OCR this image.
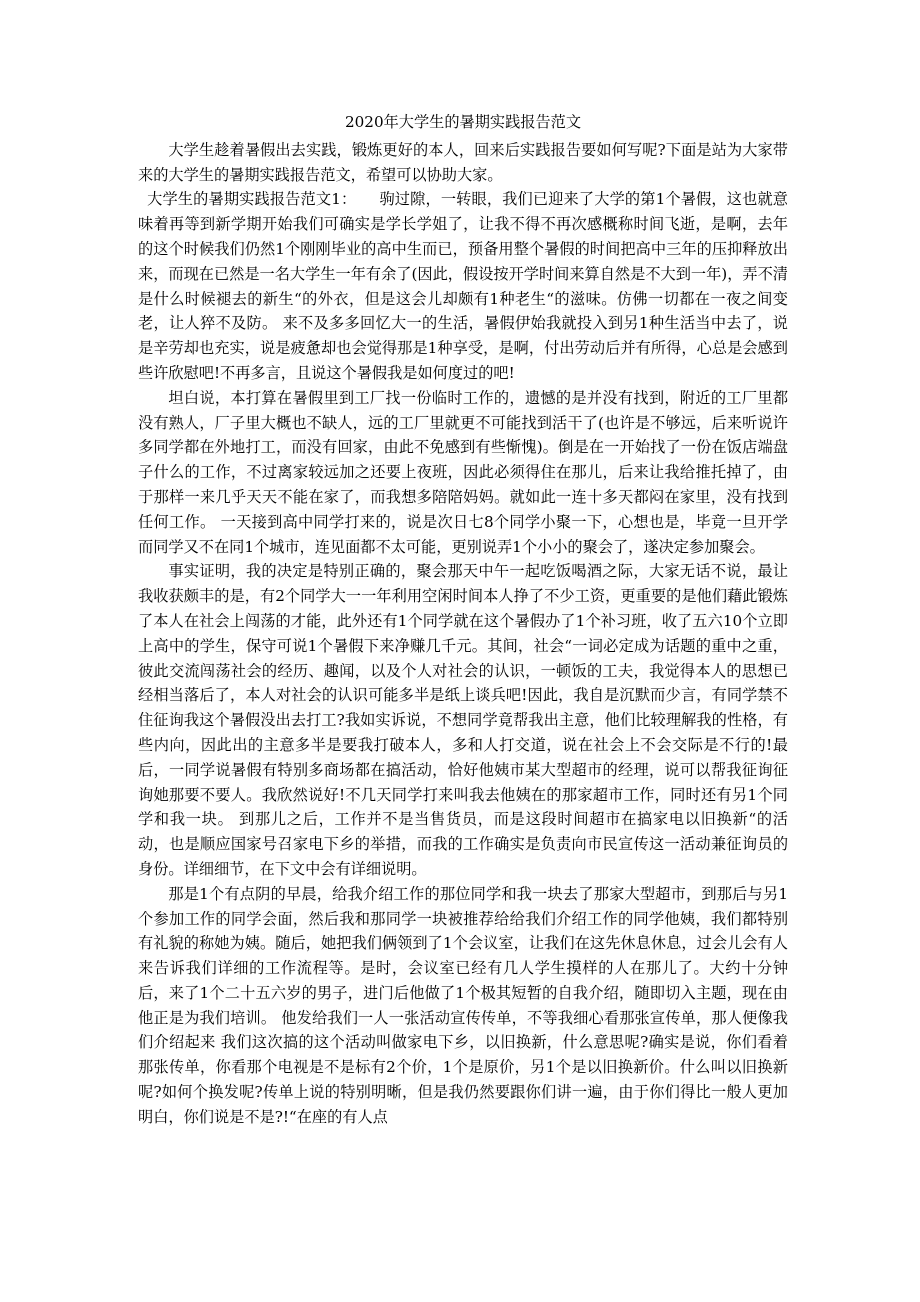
2020年大学生的暑期实践报告范文

大学生趁着暑假出去实践，锻炼更好的本人，回来后实践报告要如何写呢?下面是站为大家带来的大学生的暑期实践报告范文，希望可以协助大家。

大学生的暑期实践报告范文1：　　驹过隙，一转眼，我们已迎来了大学的第1个暑假，这也就意味着再等到新学期开始我们可确实是学长学姐了，让我不得不再次感概称时间飞逝，是啊，去年的这个时候我们仍然1个刚刚毕业的高中生而已，预备用整个暑假的时间把高中三年的压抑释放出来，而现在已然是一名大学生一年有余了(因此，假设按开学时间来算自然是不大到一年)，弄不清是什么时候褪去的新生“的外衣，但是这会儿却颇有1种老生“的滋味。仿佛一切都在一夜之间变老，让人猝不及防。 来不及多多回忆大一的生活，暑假伊始我就投入到另1种生活当中去了，说是辛劳却也充实，说是疲惫却也会觉得那是1种享受，是啊，付出劳动后并有所得，心总是会感到些许欣慰吧!不再多言，且说这个暑假我是如何度过的吧!

坦白说，本打算在暑假里到工厂找一份临时工作的，遗憾的是并没有找到，附近的工厂里都没有熟人，厂子里大概也不缺人，远的工厂里就更不可能找到活干了(也许是不够远，后来听说许多同学都在外地打工，而没有回家，由此不免感到有些惭愧)。倒是在一开始找了一份在饭店端盘子什么的工作，不过离家较远加之还要上夜班，因此必须得住在那儿，后来让我给推托掉了，由于那样一来几乎天天不能在家了，而我想多陪陪妈妈。就如此一连十多天都闷在家里，没有找到任何工作。 一天接到高中同学打来的，说是次日七8个同学小聚一下，心想也是，毕竟一旦开学而同学又不在同1个城市，连见面都不太可能，更别说弄1个小小的聚会了，遂决定参加聚会。

事实证明，我的决定是特别正确的，聚会那天中午一起吃饭喝酒之际，大家无话不说，最让我收获颇丰的是，有2个同学大一一年利用空闲时间本人挣了不少工资，更重要的是他们藉此锻炼了本人在社会上闯荡的才能，此外还有1个同学就在这个暑假办了1个补习班，收了五六10个立即上高中的学生，保守可说1个暑假下来净赚几千元。其间，社会“一词必定成为话题的重中之重，彼此交流闯荡社会的经历、趣闻，以及个人对社会的认识，一顿饭的工夫，我觉得本人的思想已经相当落后了，本人对社会的认识可能多半是纸上谈兵吧!因此，我自是沉默而少言，有同学禁不住征询我这个暑假没出去打工?我如实诉说，不想同学竟帮我出主意，他们比较理解我的性格，有些内向，因此出的主意多半是要我打破本人，多和人打交道，说在社会上不会交际是不行的!最后，一同学说暑假有特别多商场都在搞活动，恰好他姨市某大型超市的经理，说可以帮我征询征询她那要不要人。我欣然说好!不几天同学打来叫我去他姨在的那家超市工作，同时还有另1个同学和我一块。 到那儿之后，工作并不是当售货员，而是这段时间超市在搞家电以旧换新“的活动，也是顺应国家号召家电下乡的举措，而我的工作确实是负责向市民宣传这一活动兼征询员的身份。详细细节，在下文中会有详细说明。

那是1个有点阴的早晨，给我介绍工作的那位同学和我一块去了那家大型超市，到那后与另1个参加工作的同学会面，然后我和那同学一块被推荐给给我们介绍工作的同学他姨，我们都特别有礼貌的称她为姨。随后，她把我们俩领到了1个会议室，让我们在这先休息休息，过会儿会有人来告诉我们详细的工作流程等。是时，会议室已经有几人学生摸样的人在那儿了。大约十分钟后，来了1个二十五六岁的男子，进门后他做了1个极其短暂的自我介绍，随即切入主题，现在由他正是为我们培训。 他发给我们一人一张活动宣传传单，不等我细心看那张宣传单，那人便像我们介绍起来 我们这次搞的这个活动叫做家电下乡，以旧换新，什么意思呢?确实是说，你们看着那张传单，你看那个电视是不是标有2个价，1个是原价，另1个是以旧换新价。什么叫以旧换新呢?如何个换发呢?传单上说的特别明晰，但是我仍然要跟你们讲一遍，由于你们得比一般人更加明白，你们说是不是?!“在座的有人点
